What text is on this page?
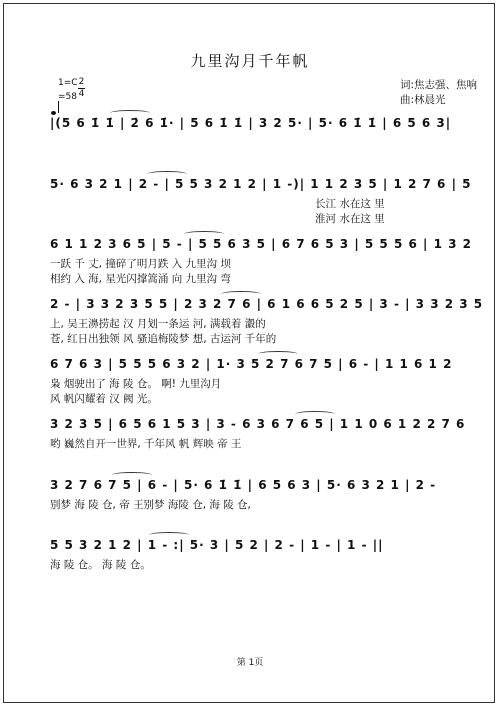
九里沟月千年帆
词:焦志强、焦响
曲:林晨光
1=C 2
4
=58
|(5 6 1̇ 1̇ | 2̇ 6 1̇· | 5 6 1̇ 1̇ | 3 2 5· | 5· 6 1̇ 1̇ | 6 5 6 3|
5· 6 3 2 1 | 2 - | 5 5 3 2 1 2 | 1 -)| 1 1 2 3 5 | 1 2 7 6 | 5
长江 水在这 里
淮河 水在这 里
6 1 1 2 3 6 5 | 5 - | 5 5 6 3 5 | 6 7 6 5 3 | 5 5 5 6 | 1 3 2
一跃 千 丈, 撞碎了明月跌 入 九里沟 坝
相约 入 海, 星光闪撑篙涌 向 九里沟 弯
2 - | 3 3 2 3 5 5 | 2 3 2 7 6 | 6 1 6 6 5 2 5 | 3 - | 3 3 2 3 5
上, 吴王濞捞起 汉 月划一条运 河, 满载着 瀫的
苍, 红日出独领 风 骚追梅陵梦 想, 古运河 千年的
6 7 6 3 | 5 5 5 6 3 2 | 1· 3 5 2 7 6 7 5 | 6 - | 1 1 6 1 2
枭 烟驶出了 海 陵 仓。 啊! 九里沟月
风 帆闪耀着 汉 阙 光。
3 2 3 5 | 6 5 6 1 5 3 | 3 - 6 3 6 7 6 5 | 1 1 0 6 1 2 2 7 6
哟 巍然自开一世界, 千年风 帆 辉映 帝 王
3 2 7 6 7 5 | 6 - | 5· 6 1̇ 1̇ | 6 5 6 3 | 5· 6 3 2 1 | 2 -
别梦 海 陵 仓, 帝 王别梦 海陵 仓, 海 陵 仓,
5 5 3 2 1 2 | 1 - :| 5· 3 | 5 2 | 2 - | 1 - | 1 - ||
海 陵 仓。 海 陵 仓。
第 1页
